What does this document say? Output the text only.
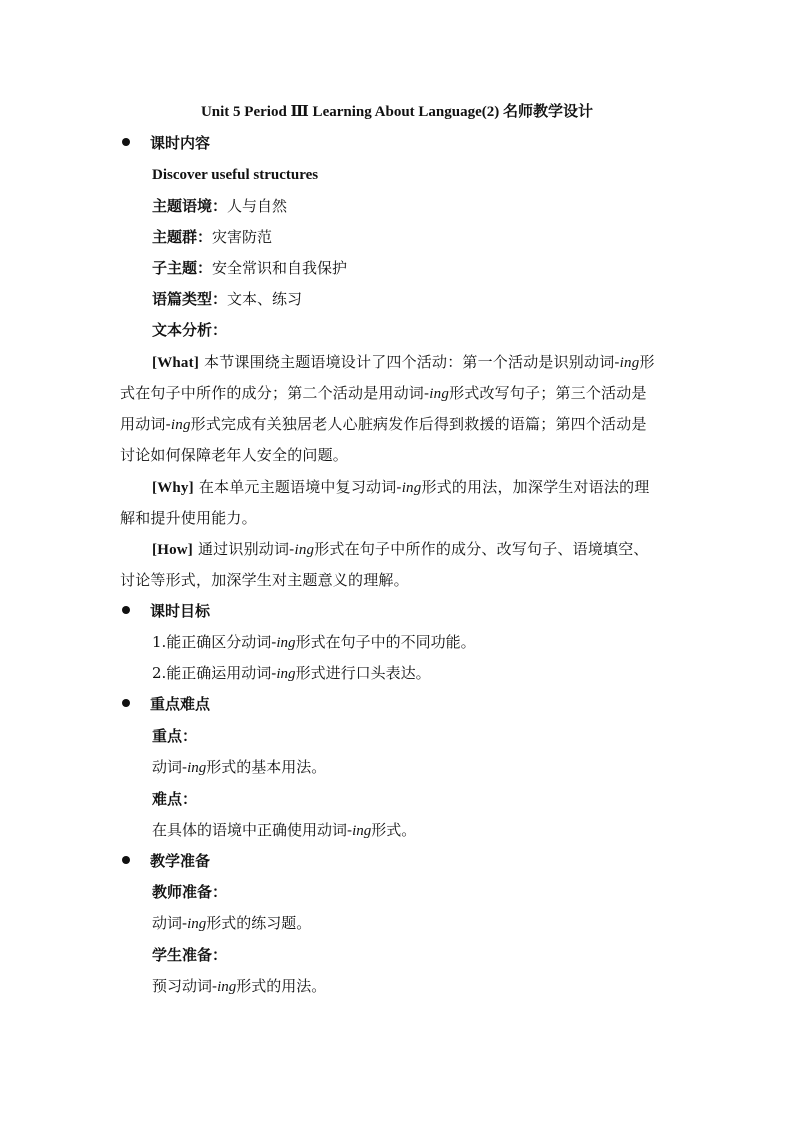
Unit 5 Period Ⅲ Learning About Language(2) 名师教学设计
课时内容
Discover useful structures
主题语境：人与自然
主题群：灾害防范
子主题：安全常识和自我保护
语篇类型：文本、练习
文本分析：
[What] 本节课围绕主题语境设计了四个活动：第一个活动是识别动词-ing形
式在句子中所作的成分；第二个活动是用动词-ing形式改写句子；第三个活动是
用动词-ing形式完成有关独居老人心脏病发作后得到救援的语篇；第四个活动是
讨论如何保障老年人安全的问题。
[Why] 在本单元主题语境中复习动词-ing形式的用法，加深学生对语法的理
解和提升使用能力。
[How] 通过识别动词-ing形式在句子中所作的成分、改写句子、语境填空、
讨论等形式，加深学生对主题意义的理解。
课时目标
1.能正确区分动词-ing形式在句子中的不同功能。
2.能正确运用动词-ing形式进行口头表达。
重点难点
重点：
动词-ing形式的基本用法。
难点：
在具体的语境中正确使用动词-ing形式。
教学准备
教师准备：
动词-ing形式的练习题。
学生准备：
预习动词-ing形式的用法。
